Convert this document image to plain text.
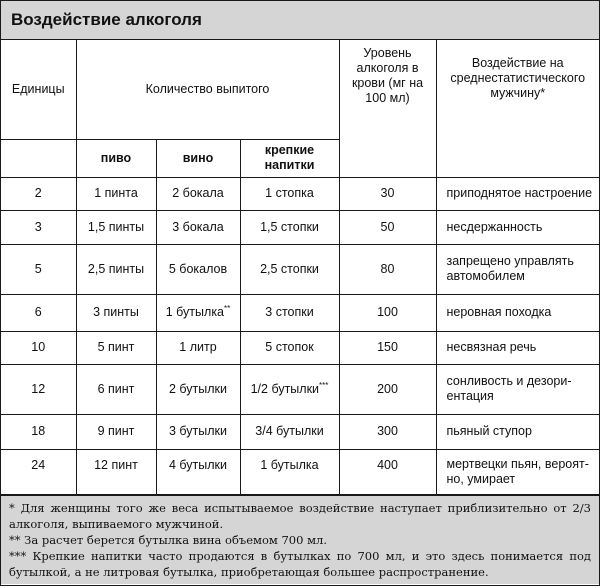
Воздействие алкоголя
Единицы	Количество выпитого			Уровень алкоголя в крови (мг на 100 мл)	Воздействие на среднестатистического мужчину*
	пиво	вино	крепкие напитки		
2	1 пинта	2 бокала	1 стопка	30	приподнятое настроение
3	1,5 пинты	3 бокала	1,5 стопки	50	несдержанность
5	2,5 пинты	5 бокалов	2,5 стопки	80	запрещено управлять автомобилем
6	3 пинты	1 бутылка**	3 стопки	100	неровная походка
10	5 пинт	1 литр	5 стопок	150	несвязная речь
12	6 пинт	2 бутылки	1/2 бутылки***	200	сонливость и дезори-ентация
18	9 пинт	3 бутылки	3/4 бутылки	300	пьяный ступор
24	12 пинт	4 бутылки	1 бутылка	400	мертвецки пьян, вероят-но, умирает

* Для женщины того же веса испытываемое воздействие наступает приблизительно от 2/3 алкоголя, выпиваемого мужчиной.

** За расчет берется бутылка вина объемом 700 мл.

*** Крепкие напитки часто продаются в бутылках по 700 мл, и это здесь понимается под бутылкой, а не литровая бутылка, приобретающая большее распространение.
